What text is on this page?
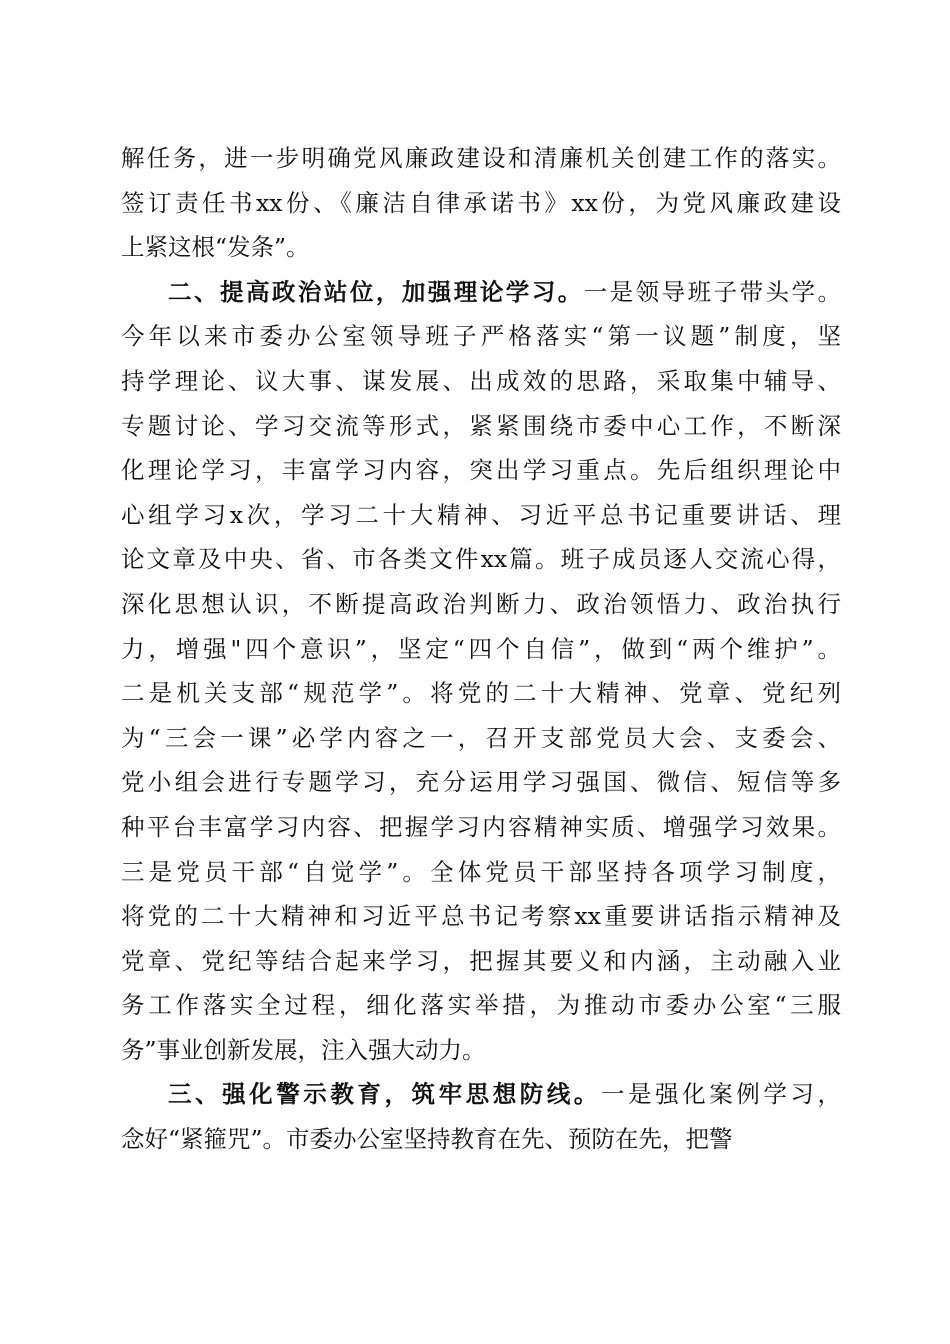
解任务，进一步明确党风廉政建设和清廉机关创建工作的落实。
签订责任书xx份、《廉洁自律承诺书》xx份，为党风廉政建设
上紧这根“发条”。
二、提高政治站位，加强理论学习。一是领导班子带头学。
今年以来市委办公室领导班子严格落实“第一议题”制度，坚
持学理论、议大事、谋发展、出成效的思路，采取集中辅导、
专题讨论、学习交流等形式，紧紧围绕市委中心工作，不断深
化理论学习，丰富学习内容，突出学习重点。先后组织理论中
心组学习x次，学习二十大精神、习近平总书记重要讲话、理
论文章及中央、省、市各类文件xx篇。班子成员逐人交流心得，
深化思想认识，不断提高政治判断力、政治领悟力、政治执行
力，增强"四个意识”，坚定“四个自信”，做到“两个维护”。
二是机关支部“规范学”。将党的二十大精神、党章、党纪列
为“三会一课”必学内容之一，召开支部党员大会、支委会、
党小组会进行专题学习，充分运用学习强国、微信、短信等多
种平台丰富学习内容、把握学习内容精神实质、增强学习效果。
三是党员干部“自觉学”。全体党员干部坚持各项学习制度，
将党的二十大精神和习近平总书记考察xx重要讲话指示精神及
党章、党纪等结合起来学习，把握其要义和内涵，主动融入业
务工作落实全过程，细化落实举措，为推动市委办公室“三服
务”事业创新发展，注入强大动力。
三、强化警示教育，筑牢思想防线。一是强化案例学习，
念好“紧箍咒”。市委办公室坚持教育在先、预防在先，把警
